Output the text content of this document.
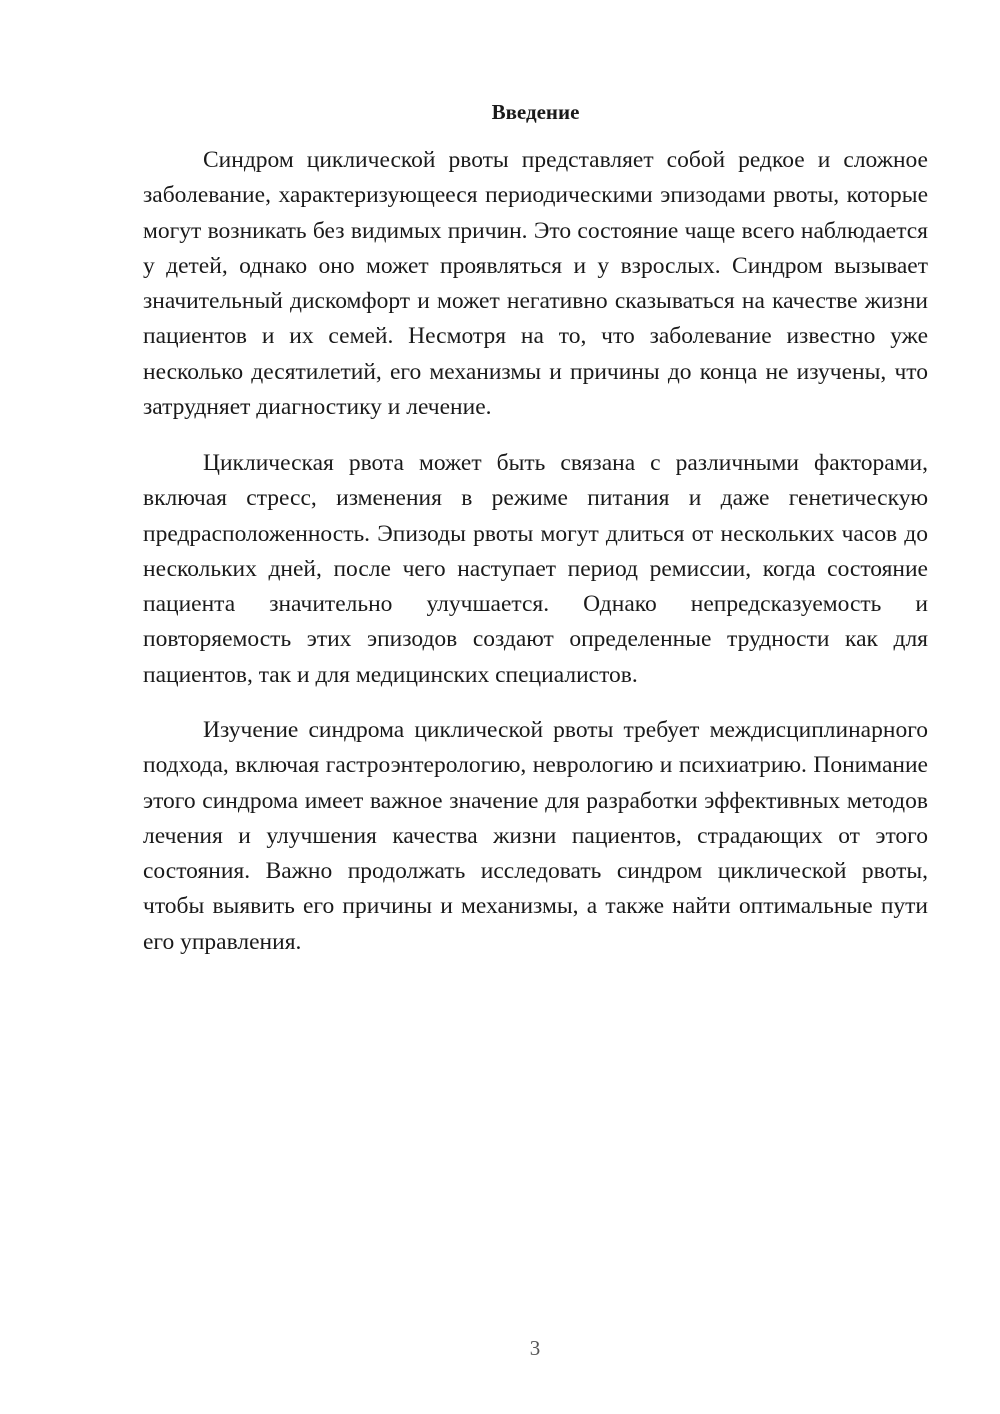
Введение

Синдром циклической рвоты представляет собой редкое и сложное заболевание, характеризующееся периодическими эпизодами рвоты, которые могут возникать без видимых причин. Это состояние чаще всего наблюдается у детей, однако оно может проявляться и у взрослых. Синдром вызывает значительный дискомфорт и может негативно сказываться на качестве жизни пациентов и их семей. Несмотря на то, что заболевание известно уже несколько десятилетий, его механизмы и причины до конца не изучены, что затрудняет диагностику и лечение.

Циклическая рвота может быть связана с различными факторами, включая стресс, изменения в режиме питания и даже генетическую предрасположенность. Эпизоды рвоты могут длиться от нескольких часов до нескольких дней, после чего наступает период ремиссии, когда состояние пациента значительно улучшается. Однако непредсказуемость и повторяемость этих эпизодов создают определенные трудности как для пациентов, так и для медицинских специалистов.

Изучение синдрома циклической рвоты требует междисциплинарного подхода, включая гастроэнтерологию, неврологию и психиатрию. Понимание этого синдрома имеет важное значение для разработки эффективных методов лечения и улучшения качества жизни пациентов, страдающих от этого состояния. Важно продолжать исследовать синдром циклической рвоты, чтобы выявить его причины и механизмы, а также найти оптимальные пути его управления.

3
